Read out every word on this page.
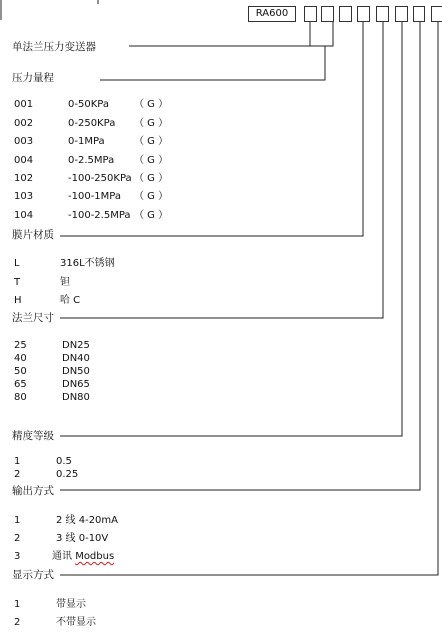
RA600
单法兰压力变送器
压力量程
001	0-50KPa	（ G ）
002	0-250KPa （ G ）
003	0-1MPa	（ G ）
004	0-2.5MPa （ G ）
102	-100-250KPa （ G ）
103	-100-1MPa （ G ）
104	-100-2.5MPa （ G ）
膜片材质
L	316L不锈钢
T	钽
H	哈 C
法兰尺寸
25	DN25
40	DN40
50	DN50
65	DN65
80	DN80
精度等级
1	0.5
2	0.25
输出方式
1	2 线 4-20mA
2	3 线 0-10V
3	通讯 Modbus
显示方式
1	带显示
2	不带显示
